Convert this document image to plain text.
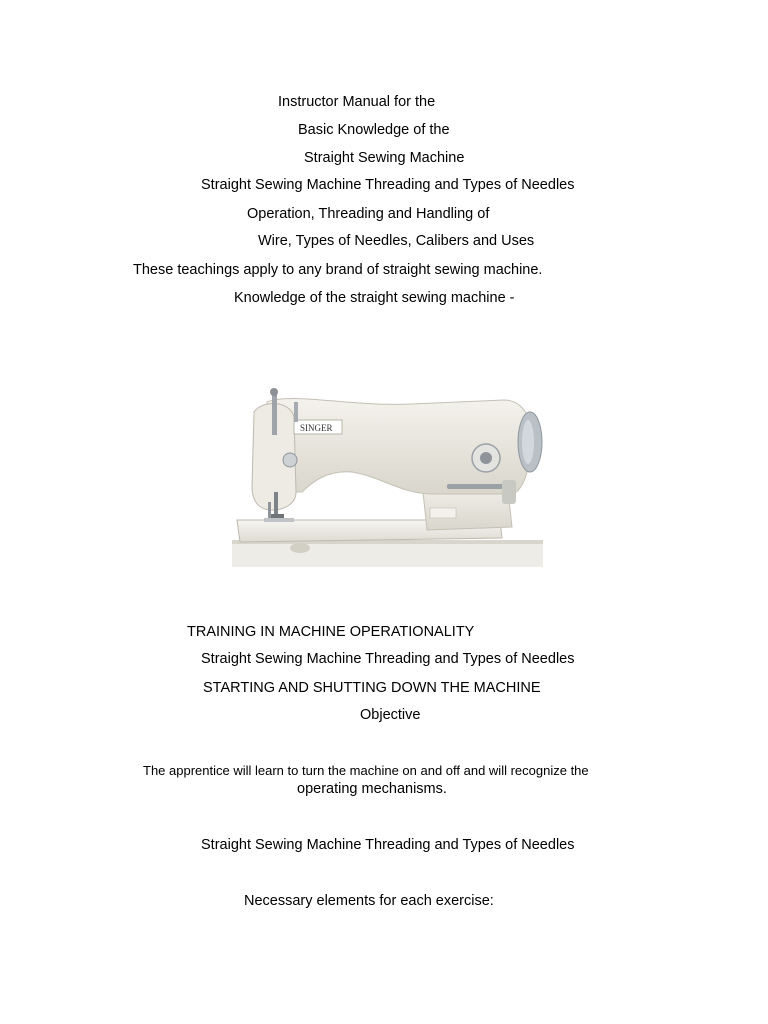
Instructor Manual for the
Basic Knowledge of the
Straight Sewing Machine
Straight Sewing Machine Threading and Types of Needles
Operation, Threading and Handling of
Wire, Types of Needles, Calibers and Uses
These teachings apply to any brand of straight sewing machine.
Knowledge of the straight sewing machine -
SINGER
TRAINING IN MACHINE OPERATIONALITY
Straight Sewing Machine Threading and Types of Needles
STARTING AND SHUTTING DOWN THE MACHINE
Objective
The apprentice will learn to turn the machine on and off and will recognize the
operating mechanisms.
Straight Sewing Machine Threading and Types of Needles
Necessary elements for each exercise:
